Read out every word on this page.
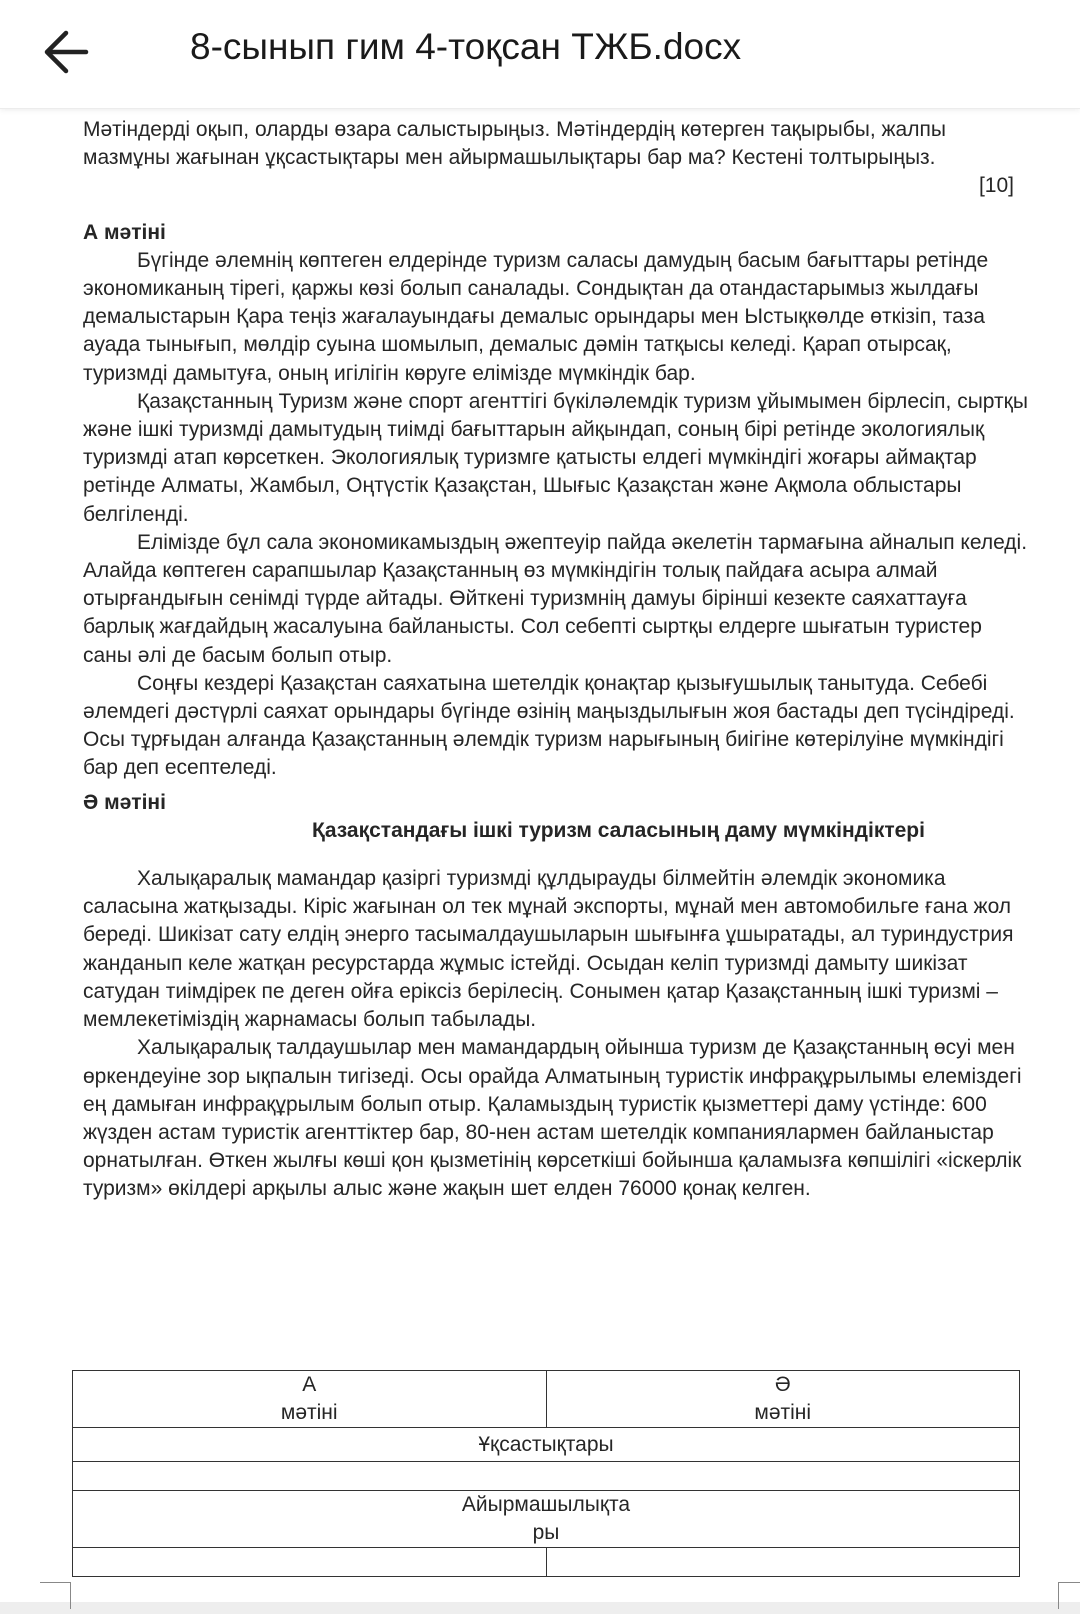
8-сынып гим 4-тоқсан ТЖБ.docx

Мәтіндерді оқып, оларды өзара салыстырыңыз. Мәтіндердің көтерген тақырыбы, жалпы мазмұны жағынан ұқсастықтары мен айырмашылықтары бар ма? Кестені толтырыңыз.

[10]

А мәтіні

Бүгінде әлемнің көптеген елдерінде туризм саласы дамудың басым бағыттары ретінде экономиканың тірегі, қаржы көзі болып саналады. Сондықтан да отандастарымыз жылдағы демалыстарын Қара теңіз жағалауындағы демалыс орындары мен Ыстықкөлде өткізіп, таза ауада тынығып, мөлдір суына шомылып, демалыс дәмін татқысы келеді. Қарап отырсақ, туризмді дамытуға, оның игілігін көруге елімізде мүмкіндік бар.

Қазақстанның Туризм және спорт агенттігі бүкіләлемдік туризм ұйымымен бірлесіп, сыртқы және ішкі туризмді дамытудың тиімді бағыттарын айқындап, соның бірі ретінде экологиялық туризмді атап көрсеткен. Экологиялық туризмге қатысты елдегі мүмкіндігі жоғары аймақтар ретінде Алматы, Жамбыл, Оңтүстік Қазақстан, Шығыс Қазақстан және Ақмола облыстары белгіленді.

Елімізде бұл сала экономикамыздың әжептеуір пайда әкелетін тармағына айналып келеді. Алайда көптеген сарапшылар Қазақстанның өз мүмкіндігін толық пайдаға асыра алмай отырғандығын сенімді түрде айтады. Өйткені туризмнің дамуы бірінші кезекте саяхаттауға барлық жағдайдың жасалуына байланысты. Сол себепті сыртқы елдерге шығатын туристер саны әлі де басым болып отыр.

Соңғы кездері Қазақстан саяхатына шетелдік қонақтар қызығушылық танытуда. Себебі әлемдегі дәстүрлі саяхат орындары бүгінде өзінің маңыздылығын жоя бастады деп түсіндіреді. Осы тұрғыдан алғанда Қазақстанның әлемдік туризм нарығының биігіне көтерілуіне мүмкіндігі бар деп есептеледі.

Ә мәтіні

Қазақстандағы ішкі туризм саласының даму мүмкіндіктері

Халықаралық мамандар қазіргі туризмді құлдырауды білмейтін әлемдік экономика саласына жатқызады. Кіріс жағынан ол тек мұнай экспорты, мұнай мен автомобильге ғана жол береді. Шикізат сату елдің энерго тасымалдаушыларын шығынға ұшыратады, ал туриндустрия жанданып келе жатқан ресурстарда жұмыс істейді. Осыдан келіп туризмді дамыту шикізат сатудан тиімдірек пе деген ойға еріксіз берілесің. Сонымен қатар Қазақстанның ішкі туризмі – мемлекетіміздің жарнамасы болып табылады.

Халықаралық талдаушылар мен мамандардың ойынша туризм де Қазақстанның өсуі мен өркендеуіне зор ықпалын тигізеді. Осы орайда Алматының туристік инфрақұрылымы елеміздегі ең дамыған инфрақұрылым болып отыр. Қаламыздың туристік қызметтері даму үстінде: 600 жүзден астам туристік агенттіктер бар, 80-нен астам шетелдік компаниялармен байланыстар орнатылған. Өткен жылғы көші қон қызметінің көрсеткіші бойынша қаламызға көпшілігі «іскерлік туризм» өкілдері арқылы алыс және жақын шет елден 76000 қонақ келген.

А
мәтіні	Ә
мәтіні

Ұқсастықтары	

Айырмашылықта
ры	
